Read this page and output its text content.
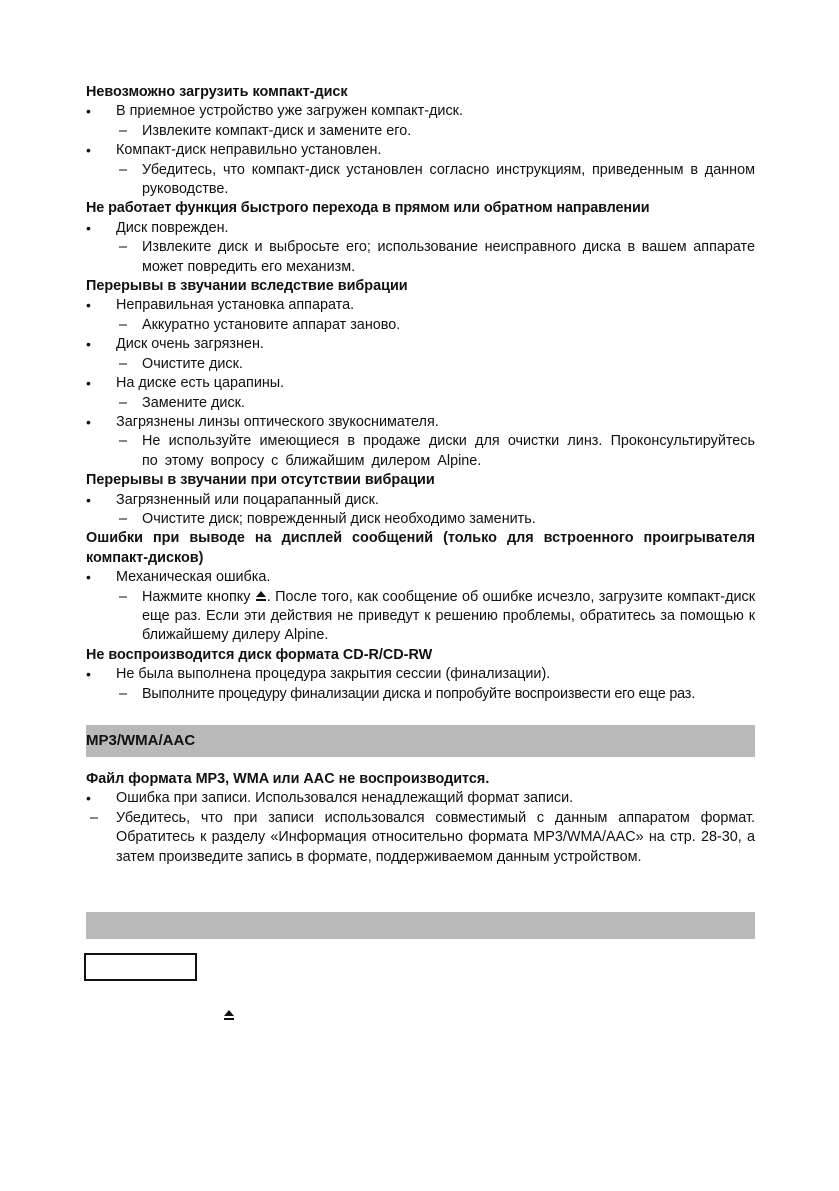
Невозможно загрузить компакт-диск

• В приемное устройство уже загружен компакт-диск.

– Извлеките компакт-диск и замените его.

• Компакт-диск неправильно установлен.

– Убедитесь, что компакт-диск установлен согласно инструкциям, приведенным в данном руководстве.

Не работает функция быстрого перехода в прямом или обратном направлении

• Диск поврежден.

– Извлеките диск и выбросьте его; использование неисправного диска в вашем аппарате может повредить его механизм.

Перерывы в звучании вследствие вибрации

• Неправильная установка аппарата.

– Аккуратно установите аппарат заново.

• Диск очень загрязнен.

– Очистите диск.

• На диске есть царапины.

– Замените диск.

• Загрязнены линзы оптического звукоснимателя.

– Не используйте имеющиеся в продаже диски для очистки линз. Проконсультируйтесь по этому вопросу с ближайшим дилером Alpine.

Перерывы в звучании при отсутствии вибрации

• Загрязненный или поцарапанный диск.

– Очистите диск; поврежденный диск необходимо заменить.

Ошибки при выводе на дисплей сообщений (только для встроенного проигрывателя компакт-дисков)

• Механическая ошибка.

– Нажмите кнопку . После того, как сообщение об ошибке исчезло, загрузите компакт-диск еще раз. Если эти действия не приведут к решению проблемы, обратитесь за помощью к ближайшему дилеру Alpine.

Не воспроизводится диск формата CD-R/CD-RW

• Не была выполнена процедура закрытия сессии (финализации).

– Выполните процедуру финализации диска и попробуйте воспроизвести его еще раз.

MP3/WMA/AAC

Файл формата MP3, WMA или AAC не воспроизводится.

• Ошибка при записи. Использовался ненадлежащий формат записи.

– Убедитесь, что при записи использовался совместимый с данным аппаратом формат. Обратитесь к разделу «Информация относительно формата MP3/WMA/AAC» на стр. 28-30, а затем произведите запись в формате, поддерживаемом данным устройством.
